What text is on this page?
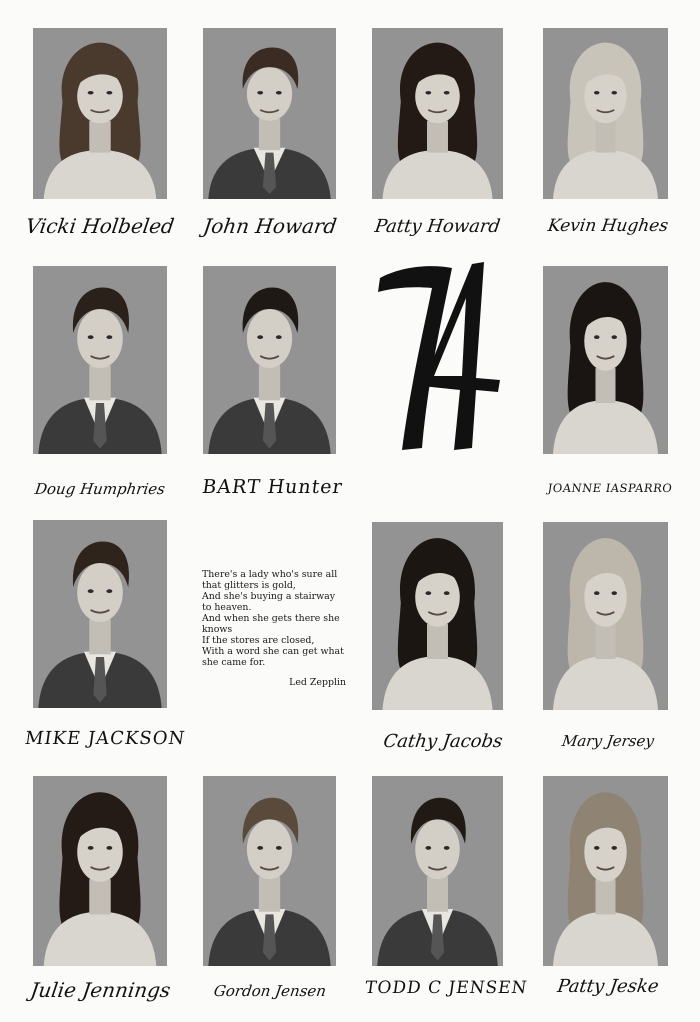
Vicki Holbeled John Howard	Patty Howard	Kevin Hughes
Doug Humphries	BART Hunter	JOANNE IASPARRO
There's a lady who's sure all
that glitters is gold,
And she's buying a stairway
to heaven.
And when she gets there she
knows
If the stores are closed,
With a word she can get what
she came for.
Led Zepplin
MIKE JACKSON	Cathy Jacobs	Mary Jersey
Julie Jennings	Gordon Jensen	TODD C JENSEN	Patty Jeske
